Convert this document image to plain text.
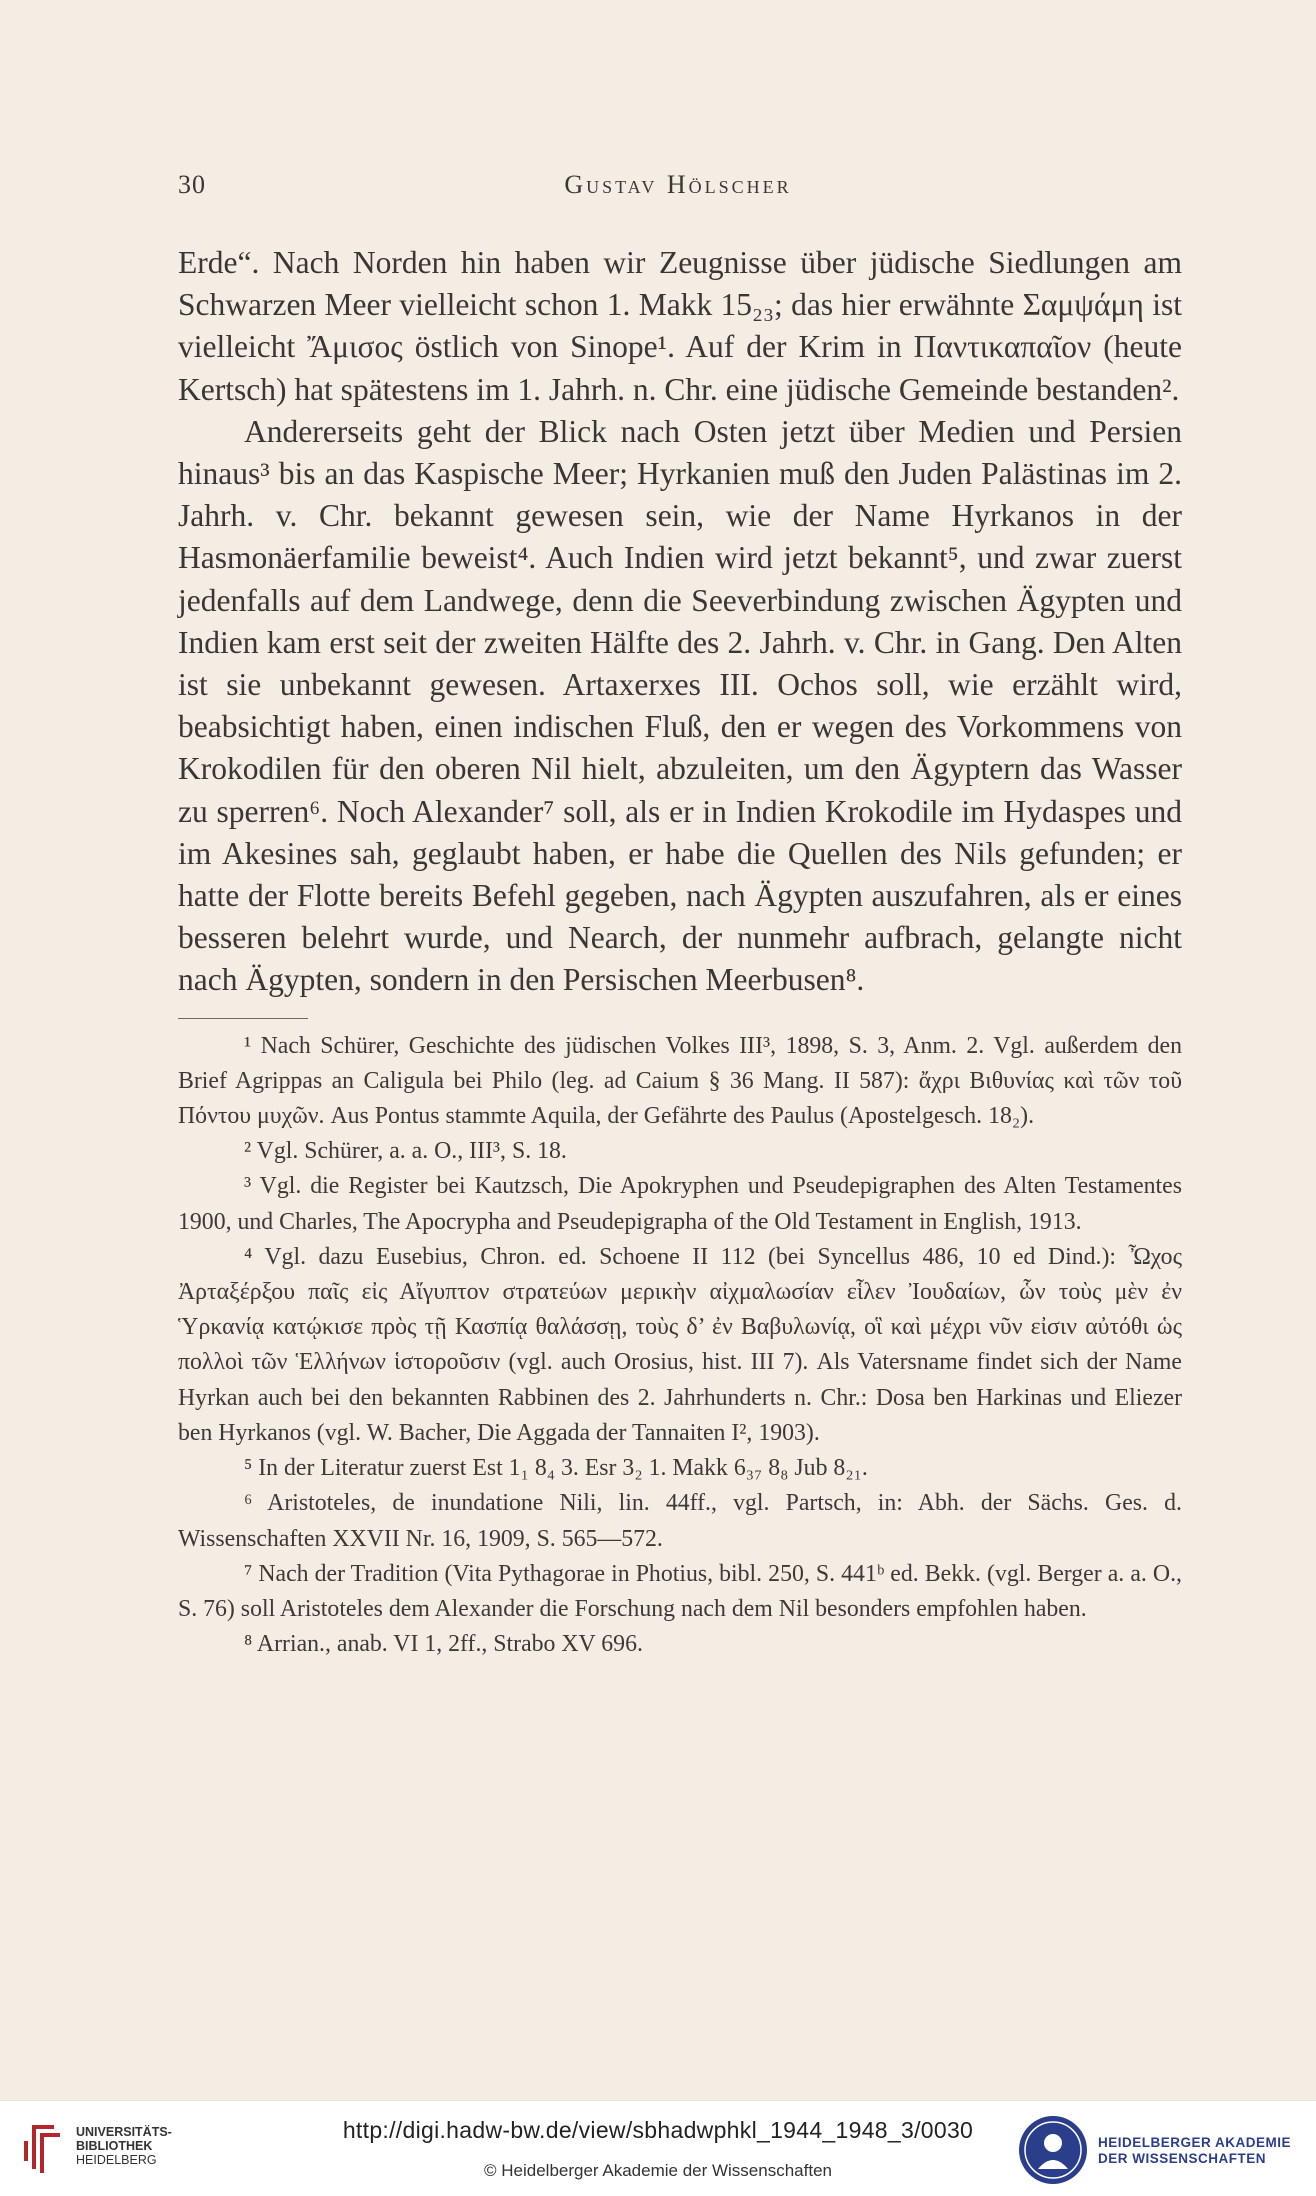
30	Gustav Hölscher

Erde“. Nach Norden hin haben wir Zeugnisse über jüdische Siedlungen am Schwarzen Meer vielleicht schon 1. Makk 15₂₃; das hier erwähnte Σαμψάμη ist vielleicht Ἄμισος östlich von Sinope¹. Auf der Krim in Παντικαπαῖον (heute Kertsch) hat spätestens im 1. Jahrh. n. Chr. eine jüdische Gemeinde bestanden².

Andererseits geht der Blick nach Osten jetzt über Medien und Persien hinaus³ bis an das Kaspische Meer; Hyrkanien muß den Juden Palästinas im 2. Jahrh. v. Chr. bekannt gewesen sein, wie der Name Hyrkanos in der Hasmonäerfamilie beweist⁴. Auch Indien wird jetzt bekannt⁵, und zwar zuerst jedenfalls auf dem Landwege, denn die Seeverbindung zwischen Ägypten und Indien kam erst seit der zweiten Hälfte des 2. Jahrh. v. Chr. in Gang. Den Alten ist sie unbekannt gewesen. Artaxerxes III. Ochos soll, wie erzählt wird, beabsichtigt haben, einen indischen Fluß, den er wegen des Vorkommens von Krokodilen für den oberen Nil hielt, abzuleiten, um den Ägyptern das Wasser zu sperren⁶. Noch Alexander⁷ soll, als er in Indien Krokodile im Hydaspes und im Akesines sah, geglaubt haben, er habe die Quellen des Nils gefunden; er hatte der Flotte bereits Befehl gegeben, nach Ägypten auszufahren, als er eines besseren belehrt wurde, und Nearch, der nunmehr aufbrach, gelangte nicht nach Ägypten, sondern in den Persischen Meerbusen⁸.

¹ Nach Schürer, Geschichte des jüdischen Volkes III³, 1898, S. 3, Anm. 2. Vgl. außerdem den Brief Agrippas an Caligula bei Philo (leg. ad Caium § 36 Mang. II 587): ἄχρι Βιθυνίας καὶ τῶν τοῦ Πόντου μυχῶν. Aus Pontus stammte Aquila, der Gefährte des Paulus (Apostelgesch. 18₂).

² Vgl. Schürer, a. a. O., III³, S. 18.

³ Vgl. die Register bei Kautzsch, Die Apokryphen und Pseudepigraphen des Alten Testamentes 1900, und Charles, The Apocrypha and Pseudepigrapha of the Old Testament in English, 1913.

⁴ Vgl. dazu Eusebius, Chron. ed. Schoene II 112 (bei Syncellus 486, 10 ed Dind.): Ὦχος Ἀρταξέρξου παῖς εἰς Αἴγυπτον στρατεύων μερικὴν αἰχμαλωσίαν εἷλεν Ἰουδαίων, ὧν τοὺς μὲν ἐν Ὑρκανίᾳ κατῴκισε πρὸς τῇ Κασπίᾳ θαλάσσῃ, τοὺς δ’ ἐν Βαβυλωνίᾳ, οἳ καὶ μέχρι νῦν εἰσιν αὐτόθι ὡς πολλοὶ τῶν Ἑλλήνων ἱστοροῦσιν (vgl. auch Orosius, hist. III 7). Als Vatersname findet sich der Name Hyrkan auch bei den bekannten Rabbinen des 2. Jahrhunderts n. Chr.: Dosa ben Harkinas und Eliezer ben Hyrkanos (vgl. W. Bacher, Die Aggada der Tannaiten I², 1903).

⁵ In der Literatur zuerst Est 1₁ 8₄ 3. Esr 3₂ 1. Makk 6₃₇ 8₈ Jub 8₂₁.

⁶ Aristoteles, de inundatione Nili, lin. 44ff., vgl. Partsch, in: Abh. der Sächs. Ges. d. Wissenschaften XXVII Nr. 16, 1909, S. 565—572.

⁷ Nach der Tradition (Vita Pythagorae in Photius, bibl. 250, S. 441ᵇ ed. Bekk. (vgl. Berger a. a. O., S. 76) soll Aristoteles dem Alexander die Forschung nach dem Nil besonders empfohlen haben.

⁸ Arrian., anab. VI 1, 2ff., Strabo XV 696.

UNIVERSITÄTS-
BIBLIOTHEK
HEIDELBERG
http://digi.hadw-bw.de/view/sbhadwphkl_1944_1948_3/0030
© Heidelberger Akademie der Wissenschaften
HEIDELBERGER AKADEMIE
DER WISSENSCHAFTEN
